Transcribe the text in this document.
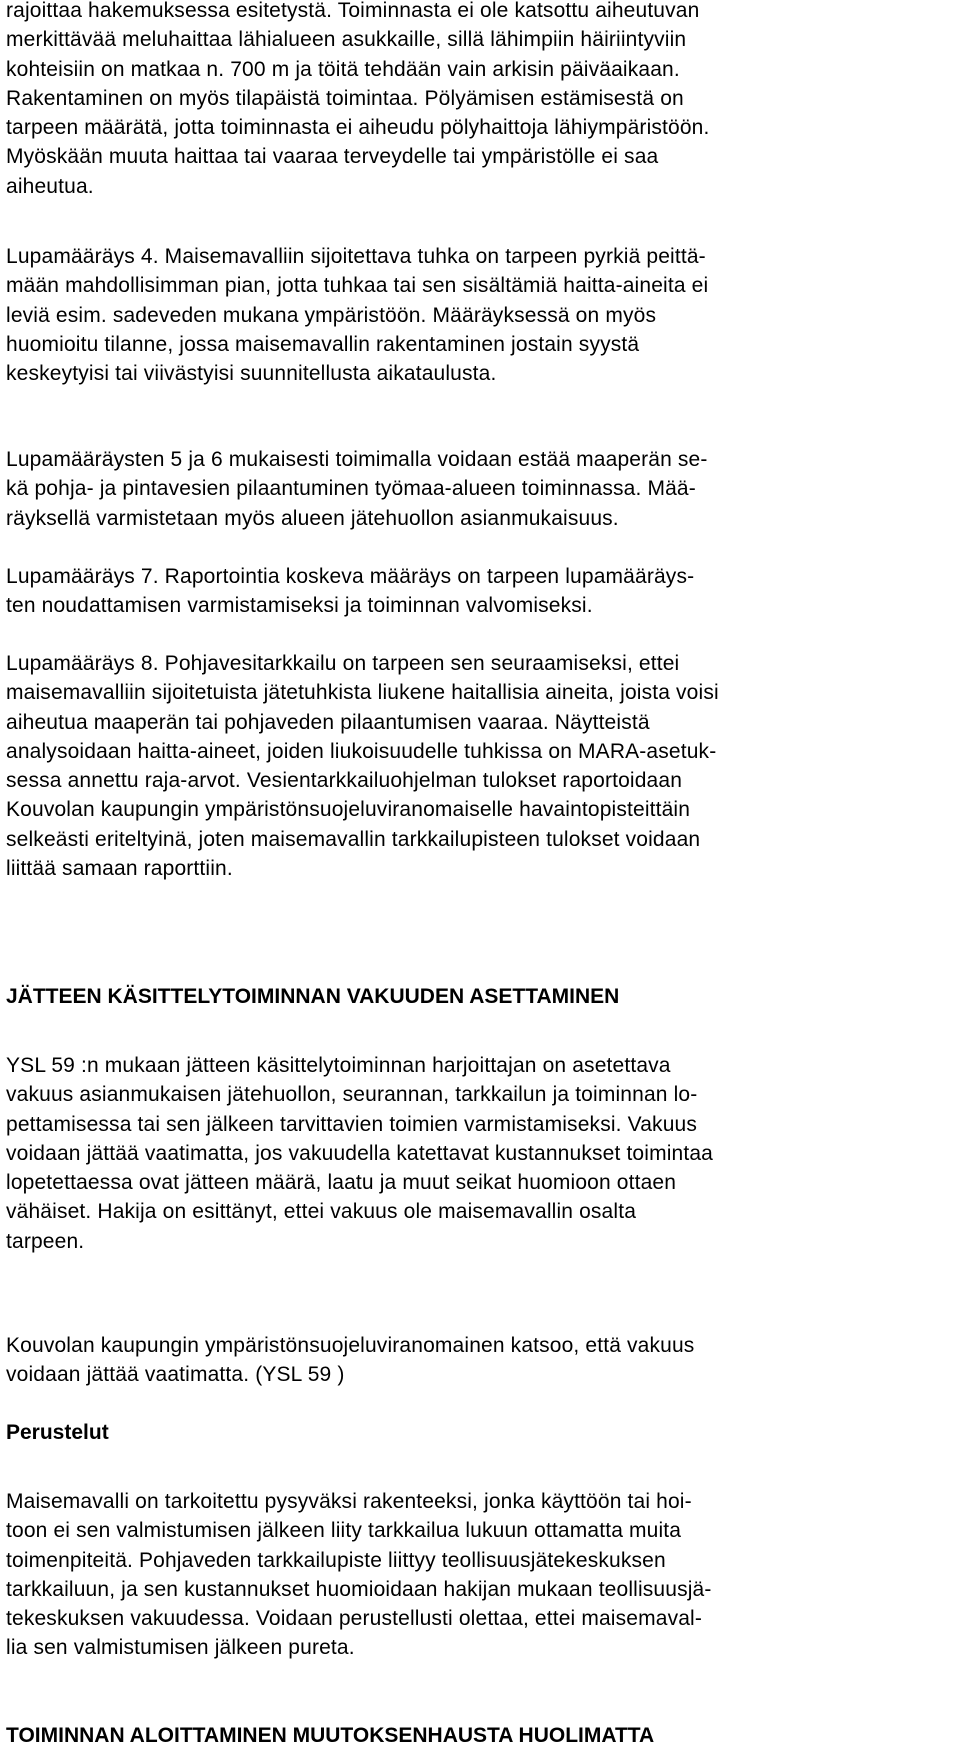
rajoittaa hakemuksessa esitetystä. Toiminnasta ei ole katsottu aiheutuvan
merkittävää meluhaittaa lähialueen asukkaille, sillä lähimpiin häiriintyviin
kohteisiin on matkaa n. 700 m ja töitä tehdään vain arkisin päiväaikaan.
Rakentaminen on myös tilapäistä toimintaa. Pölyämisen estämisestä on
tarpeen määrätä, jotta toiminnasta ei aiheudu pölyhaittoja lähiympäristöön.
Myöskään muuta haittaa tai vaaraa terveydelle tai ympäristölle ei saa
aiheutua.
Lupamääräys 4. Maisemavalliin sijoitettava tuhka on tarpeen pyrkiä peittä-
mään mahdollisimman pian, jotta tuhkaa tai sen sisältämiä haitta-aineita ei
leviä esim. sadeveden mukana ympäristöön. Määräyksessä on myös
huomioitu tilanne, jossa maisemavallin rakentaminen jostain syystä
keskeytyisi tai viivästyisi suunnitellusta aikataulusta.
Lupamääräysten 5 ja 6 mukaisesti toimimalla voidaan estää maaperän se-
kä pohja- ja pintavesien pilaantuminen työmaa-alueen toiminnassa. Mää-
räyksellä varmistetaan myös alueen jätehuollon asianmukaisuus.
Lupamääräys 7. Raportointia koskeva määräys on tarpeen lupamääräys-
ten noudattamisen varmistamiseksi ja toiminnan valvomiseksi.
Lupamääräys 8. Pohjavesitarkkailu on tarpeen sen seuraamiseksi, ettei
maisemavalliin sijoitetuista jätetuhkista liukene haitallisia aineita, joista voisi
aiheutua maaperän tai pohjaveden pilaantumisen vaaraa. Näytteistä
analysoidaan haitta-aineet, joiden liukoisuudelle tuhkissa on MARA-asetuk-
sessa annettu raja-arvot. Vesientarkkailuohjelman tulokset raportoidaan
Kouvolan kaupungin ympäristönsuojeluviranomaiselle havaintopisteittäin
selkeästi eriteltyinä, joten maisemavallin tarkkailupisteen tulokset voidaan
liittää samaan raporttiin.
JÄTTEEN KÄSITTELYTOIMINNAN VAKUUDEN ASETTAMINEN
YSL 59 :n mukaan jätteen käsittelytoiminnan harjoittajan on asetettava
vakuus asianmukaisen jätehuollon, seurannan, tarkkailun ja toiminnan lo-
pettamisessa tai sen jälkeen tarvittavien toimien varmistamiseksi. Vakuus
voidaan jättää vaatimatta, jos vakuudella katettavat kustannukset toimintaa
lopetettaessa ovat jätteen määrä, laatu ja muut seikat huomioon ottaen
vähäiset. Hakija on esittänyt, ettei vakuus ole maisemavallin osalta
tarpeen.
Kouvolan kaupungin ympäristönsuojeluviranomainen katsoo, että vakuus
voidaan jättää vaatimatta. (YSL 59 )
Perustelut
Maisemavalli on tarkoitettu pysyväksi rakenteeksi, jonka käyttöön tai hoi-
toon ei sen valmistumisen jälkeen liity tarkkailua lukuun ottamatta muita
toimenpiteitä. Pohjaveden tarkkailupiste liittyy teollisuusjätekeskuksen
tarkkailuun, ja sen kustannukset huomioidaan hakijan mukaan teollisuusjä-
tekeskuksen vakuudessa. Voidaan perustellusti olettaa, ettei maisemaval-
lia sen valmistumisen jälkeen pureta.
TOIMINNAN ALOITTAMINEN MUUTOKSENHAUSTA HUOLIMATTA
